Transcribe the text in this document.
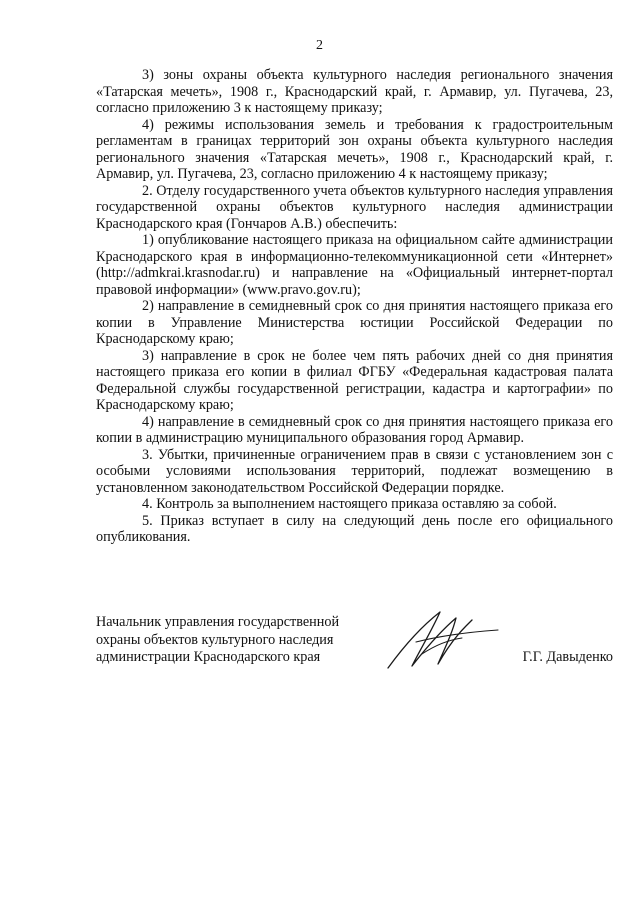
2

3) зоны охраны объекта культурного наследия регионального значения «Татарская мечеть», 1908 г., Краснодарский край, г. Армавир, ул. Пугачева, 23, согласно приложению 3 к настоящему приказу;

4) режимы использования земель и требования к градостроительным регламентам в границах территорий зон охраны объекта культурного наследия регионального значения «Татарская мечеть», 1908 г., Краснодарский край, г. Армавир, ул. Пугачева, 23, согласно приложению 4 к настоящему приказу;

2. Отделу государственного учета объектов культурного наследия управления государственной охраны объектов культурного наследия администрации Краснодарского края (Гончаров А.В.) обеспечить:

1) опубликование настоящего приказа на официальном сайте администрации Краснодарского края в информационно-телекоммуникационной сети «Интернет» (http://admkrai.krasnodar.ru) и направление на «Официальный интернет-портал правовой информации» (www.pravo.gov.ru);

2) направление в семидневный срок со дня принятия настоящего приказа его копии в Управление Министерства юстиции Российской Федерации по Краснодарскому краю;

3) направление в срок не более чем пять рабочих дней со дня принятия настоящего приказа его копии в филиал ФГБУ «Федеральная кадастровая палата Федеральной службы государственной регистрации, кадастра и картографии» по Краснодарскому краю;

4) направление в семидневный срок со дня принятия настоящего приказа его копии в администрацию муниципального образования город Армавир.

3. Убытки, причиненные ограничением прав в связи с установлением зон с особыми условиями использования территорий, подлежат возмещению в установленном законодательством Российской Федерации порядке.

4. Контроль за выполнением настоящего приказа оставляю за собой.

5. Приказ вступает в силу на следующий день после его официального опубликования.

Начальник управления государственной
охраны объектов культурного наследия
администрации Краснодарского края	Г.Г. Давыденко
